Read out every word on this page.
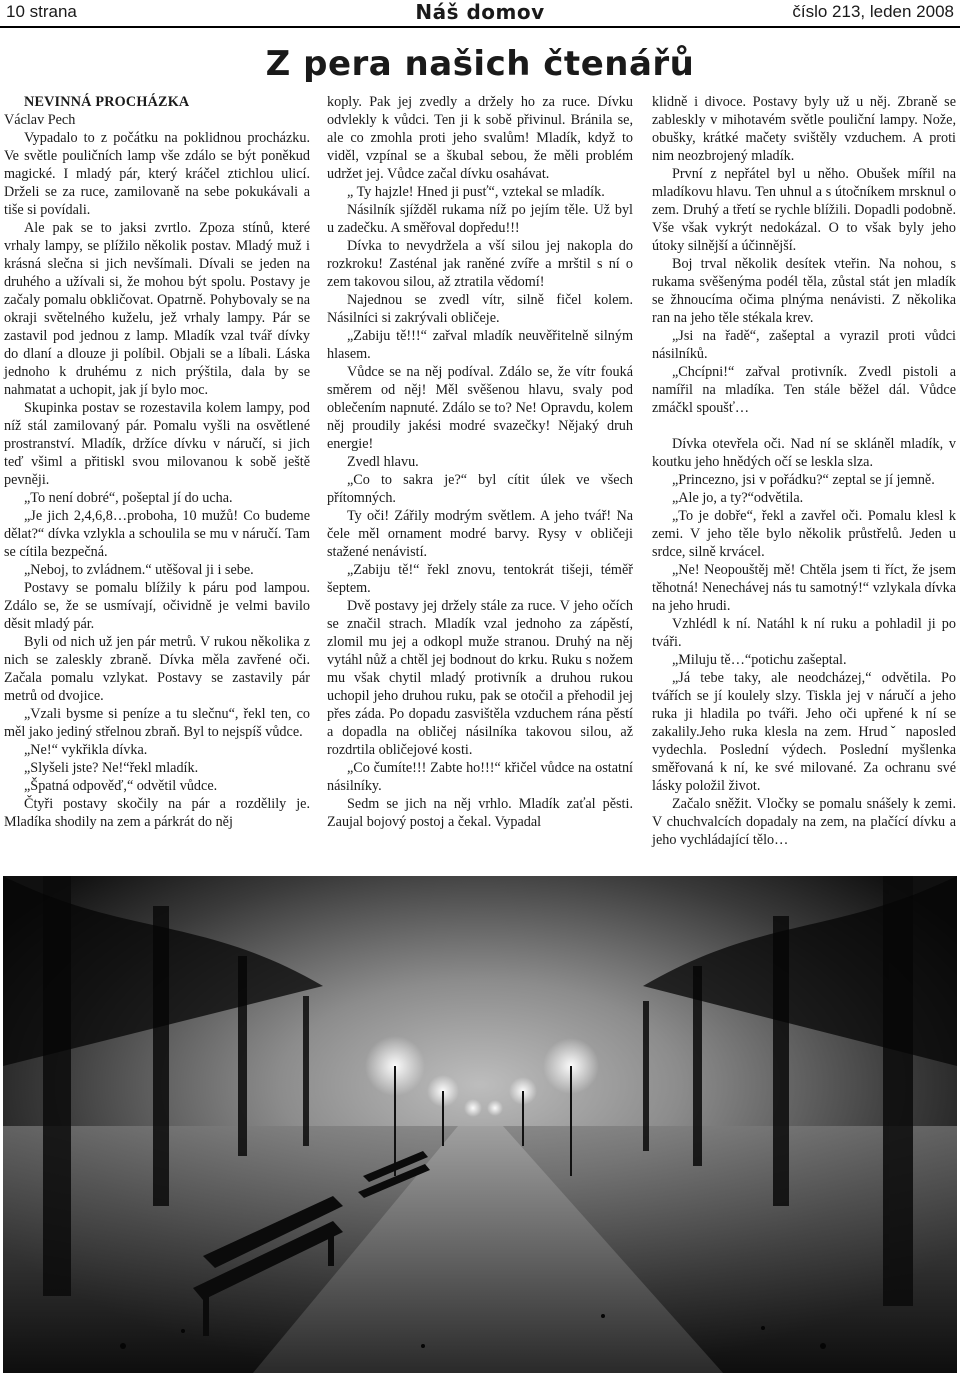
10 strana	Náš domov	číslo 213, leden 2008
Z pera našich čtenářů

NEVINNÁ PROCHÁZKA

Václav Pech

Vypadalo to z počátku na poklidnou procházku. Ve světle pouličních lamp vše zdálo se být poněkud magické. I mladý pár, který kráčel ztichlou ulicí. Drželi se za ruce, zamilovaně na sebe pokukávali a tiše si povídali.

Ale pak se to jaksi zvrtlo. Zpoza stínů, které vrhaly lampy, se plížilo několik postav. Mladý muž i krásná slečna si jich nevšímali. Dívali se jeden na druhého a užívali si, že mohou být spolu. Postavy je začaly pomalu obkličovat. Opatrně. Pohybovaly se na okraji světelného kuželu, jež vrhaly lampy. Pár se zastavil pod jednou z lamp. Mladík vzal tvář dívky do dlaní a dlouze ji políbil. Objali se a líbali. Láska jednoho k druhému z nich prýštila, dala by se nahmatat a uchopit, jak jí bylo moc.

Skupinka postav se rozestavila kolem lampy, pod níž stál zamilovaný pár. Pomalu vyšli na osvětlené prostranství. Mladík, držíce dívku v náručí, si jich teď všiml a přitiskl svou milovanou k sobě ještě pevněji.

„To není dobré“, pošeptal jí do ucha.

„Je jich 2,4,6,8…proboha, 10 mužů! Co budeme dělat?“ dívka vzlykla a schoulila se mu v náručí. Tam se cítila bezpečná.

„Neboj, to zvládnem.“ utěšoval ji i sebe.

Postavy se pomalu blížily k páru pod lampou. Zdálo se, že se usmívají, očividně je velmi bavilo děsit mladý pár.

Byli od nich už jen pár metrů. V rukou několika z nich se zaleskly zbraně. Dívka měla zavřené oči. Začala pomalu vzlykat. Postavy se zastavily pár metrů od dvojice.

„Vzali bysme si peníze a tu slečnu“, řekl ten, co měl jako jediný střelnou zbraň. Byl to nejspíš vůdce.

„Ne!“ vykřikla dívka.

„Slyšeli jste? Ne!“řekl mladík.

„Špatná odpověď,“ odvětil vůdce.

Čtyři postavy skočily na pár a rozdělily je. Mladíka shodily na zem a párkrát do něj

koply. Pak jej zvedly a držely ho za ruce. Dívku odvlekly k vůdci. Ten ji k sobě přivinul. Bránila se, ale co zmohla proti jeho svalům! Mladík, když to viděl, vzpínal se a škubal sebou, že měli problém udržet jej. Vůdce začal dívku osahávat.

„ Ty hajzle! Hned ji pusť“, vztekal se mladík.

Násilník sjížděl rukama níž po jejím těle. Už byl u zadečku. A směřoval dopředu!!!

Dívka to nevydržela a vší silou jej nakopla do rozkroku! Zasténal jak raněné zvíře a mrštil s ní o zem takovou silou, až ztratila vědomí!

Najednou se zvedl vítr, silně fičel kolem. Násilníci si zakrývali obličeje.

„Zabiju tě!!!“ zařval mladík neuvěřitelně silným hlasem.

Vůdce se na něj podíval. Zdálo se, že vítr fouká směrem od něj! Měl svěšenou hlavu, svaly pod oblečením napnuté. Zdálo se to? Ne! Opravdu, kolem něj proudily jakési modré svazečky! Nějaký druh energie!

Zvedl hlavu.

„Co to sakra je?“ byl cítit úlek ve všech přítomných.

Ty oči! Zářily modrým světlem. A jeho tvář! Na čele měl ornament modré barvy. Rysy v obličeji stažené nenávistí.

„Zabiju tě!“ řekl znovu, tentokrát tišeji, téměř šeptem.

Dvě postavy jej držely stále za ruce. V jeho očích se značil strach. Mladík vzal jednoho za zápěstí, zlomil mu jej a odkopl muže stranou. Druhý na něj vytáhl nůž a chtěl jej bodnout do krku. Ruku s nožem mu však chytil mladý protivník a druhou rukou uchopil jeho druhou ruku, pak se otočil a přehodil jej přes záda. Po dopadu zasvištěla vzduchem rána pěstí a dopadla na obličej násilníka takovou silou, až rozdrtila obličejové kosti.

„Co čumíte!!! Zabte ho!!!“ křičel vůdce na ostatní násilníky.

Sedm se jich na něj vrhlo. Mladík zaťal pěsti. Zaujal bojový postoj a čekal. Vypadal

klidně i divoce. Postavy byly už u něj. Zbraně se zableskly v mihotavém světle pouliční lampy. Nože, obušky, krátké mačety svištěly vzduchem. A proti nim neozbrojený mladík.

První z nepřátel byl u něho. Obušek mířil na mladíkovu hlavu. Ten uhnul a s útočníkem mrsknul o zem. Druhý a třetí se rychle blížili. Dopadli podobně. Vše však vykrýt nedokázal. O to však byly jeho útoky silnější a účinnější.

Boj trval několik desítek vteřin. Na nohou, s rukama svěšenýma podél těla, zůstal stát jen mladík se žhnoucíma očima plnýma nenávisti. Z několika ran na jeho těle stékala krev.

„Jsi na řadě“, zašeptal a vyrazil proti vůdci násilníků.

„Chcípni!“ zařval protivník. Zvedl pistoli a namířil na mladíka. Ten stále běžel dál. Vůdce zmáčkl spoušť…

Dívka otevřela oči. Nad ní se skláněl mladík, v koutku jeho hnědých očí se leskla slza.

„Princezno, jsi v pořádku?“ zeptal se jí jemně.

„Ale jo, a ty?“odvětila.

„To je dobře“, řekl a zavřel oči. Pomalu klesl k zemi. V jeho těle bylo několik průstřelů. Jeden u srdce, silně krvácel.

„Ne! Neopouštěj mě! Chtěla jsem ti říct, že jsem těhotná! Nenechávej nás tu samotný!“ vzlykala dívka na jeho hrudi.

Vzhlédl k ní. Natáhl k ní ruku a pohladil ji po tváři.

„Miluju tě…“potichu zašeptal.

„Já tebe taky, ale neodcházej,“ odvětila. Po tvářích se jí koulely slzy. Tiskla jej v náručí a jeho ruka ji hladila po tváři. Jeho oči upřené k ní se zakalily.Jeho ruka klesla na zem. Hrudˇ naposled vydechla. Poslední výdech. Poslední myšlenka směřovaná k ní, ke své milované. Za ochranu své lásky položil život.

Začalo sněžit. Vločky se pomalu snášely k zemi. V chuchvalcích dopadaly na zem, na plačící dívku a jeho vychládající tělo…
